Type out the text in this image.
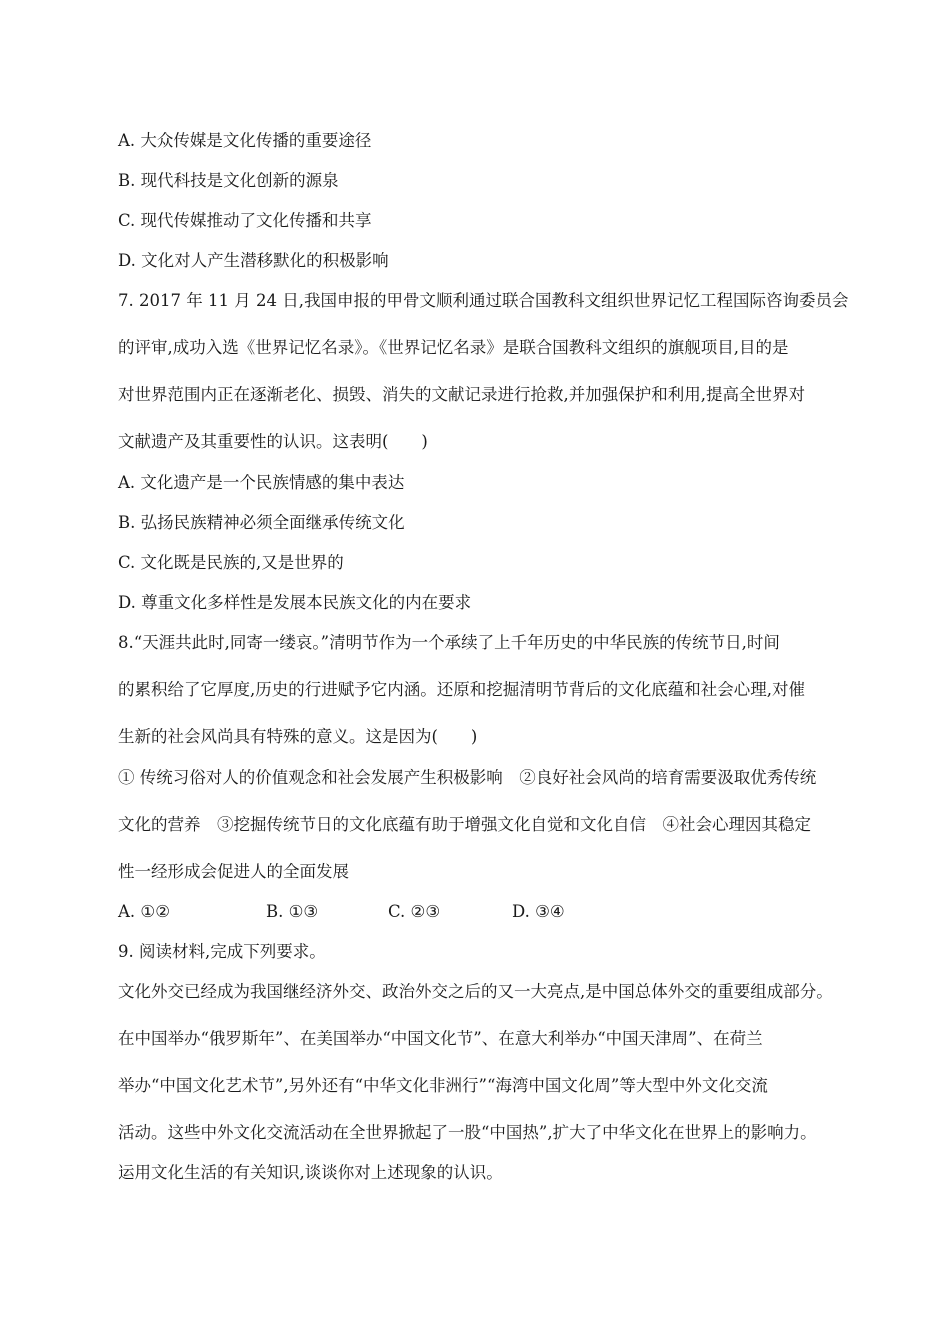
A. 大众传媒是文化传播的重要途径
B. 现代科技是文化创新的源泉
C. 现代传媒推动了文化传播和共享
D. 文化对人产生潜移默化的积极影响
7. 2017 年 11 月 24 日,我国申报的甲骨文顺利通过联合国教科文组织世界记忆工程国际咨询委员会
的评审,成功入选《世界记忆名录》。《世界记忆名录》是联合国教科文组织的旗舰项目,目的是
对世界范围内正在逐渐老化、损毁、消失的文献记录进行抢救,并加强保护和利用,提高全世界对
文献遗产及其重要性的认识。这表明(　　)
A. 文化遗产是一个民族情感的集中表达
B. 弘扬民族精神必须全面继承传统文化
C. 文化既是民族的,又是世界的
D. 尊重文化多样性是发展本民族文化的内在要求
8.“天涯共此时,同寄一缕哀。”清明节作为一个承续了上千年历史的中华民族的传统节日,时间
的累积给了它厚度,历史的行进赋予它内涵。还原和挖掘清明节背后的文化底蕴和社会心理,对催
生新的社会风尚具有特殊的意义。这是因为(　　)
① 传统习俗对人的价值观念和社会发展产生积极影响　②良好社会风尚的培育需要汲取优秀传统
文化的营养　③挖掘传统节日的文化底蕴有助于增强文化自觉和文化自信　④社会心理因其稳定
性一经形成会促进人的全面发展
A. ①②	B. ①③	C. ②③	D. ③④
9. 阅读材料,完成下列要求。
文化外交已经成为我国继经济外交、政治外交之后的又一大亮点,是中国总体外交的重要组成部分。
在中国举办“俄罗斯年”、在美国举办“中国文化节”、在意大利举办“中国天津周”、在荷兰
举办“中国文化艺术节”,另外还有“中华文化非洲行”“海湾中国文化周”等大型中外文化交流
活动。这些中外文化交流活动在全世界掀起了一股“中国热”,扩大了中华文化在世界上的影响力。
运用文化生活的有关知识,谈谈你对上述现象的认识。
